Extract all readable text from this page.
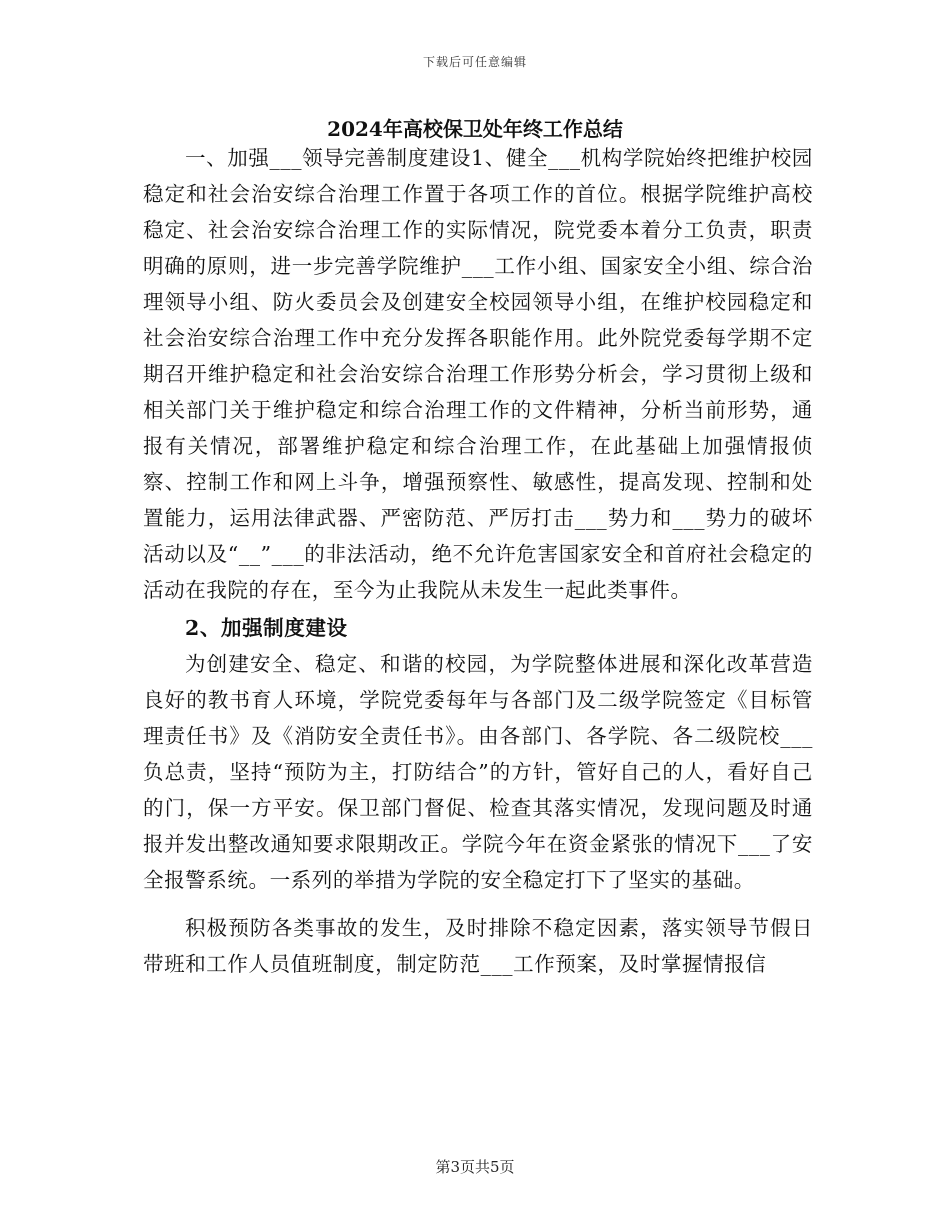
下载后可任意编辑
2024年高校保卫处年终工作总结

一、加强___领导完善制度建设1、健全___机构学院始终把维护校园稳定和社会治安综合治理工作置于各项工作的首位。根据学院维护高校稳定、社会治安综合治理工作的实际情况，院党委本着分工负责，职责明确的原则，进一步完善学院维护___工作小组、国家安全小组、综合治理领导小组、防火委员会及创建安全校园领导小组，在维护校园稳定和社会治安综合治理工作中充分发挥各职能作用。此外院党委每学期不定期召开维护稳定和社会治安综合治理工作形势分析会，学习贯彻上级和相关部门关于维护稳定和综合治理工作的文件精神，分析当前形势，通报有关情况，部署维护稳定和综合治理工作，在此基础上加强情报侦察、控制工作和网上斗争，增强预察性、敏感性，提高发现、控制和处置能力，运用法律武器、严密防范、严厉打击___势力和___势力的破坏活动以及“__”___的非法活动，绝不允许危害国家安全和首府社会稳定的活动在我院的存在，至今为止我院从未发生一起此类事件。

2、加强制度建设

为创建安全、稳定、和谐的校园，为学院整体进展和深化改革营造良好的教书育人环境，学院党委每年与各部门及二级学院签定《目标管理责任书》及《消防安全责任书》。由各部门、各学院、各二级院校___负总责，坚持“预防为主，打防结合”的方针，管好自己的人，看好自己的门，保一方平安。保卫部门督促、检查其落实情况，发现问题及时通报并发出整改通知要求限期改正。学院今年在资金紧张的情况下___了安全报警系统。一系列的举措为学院的安全稳定打下了坚实的基础。

积极预防各类事故的发生，及时排除不稳定因素，落实领导节假日带班和工作人员值班制度，制定防范___工作预案，及时掌握情报信

第3页共5页
